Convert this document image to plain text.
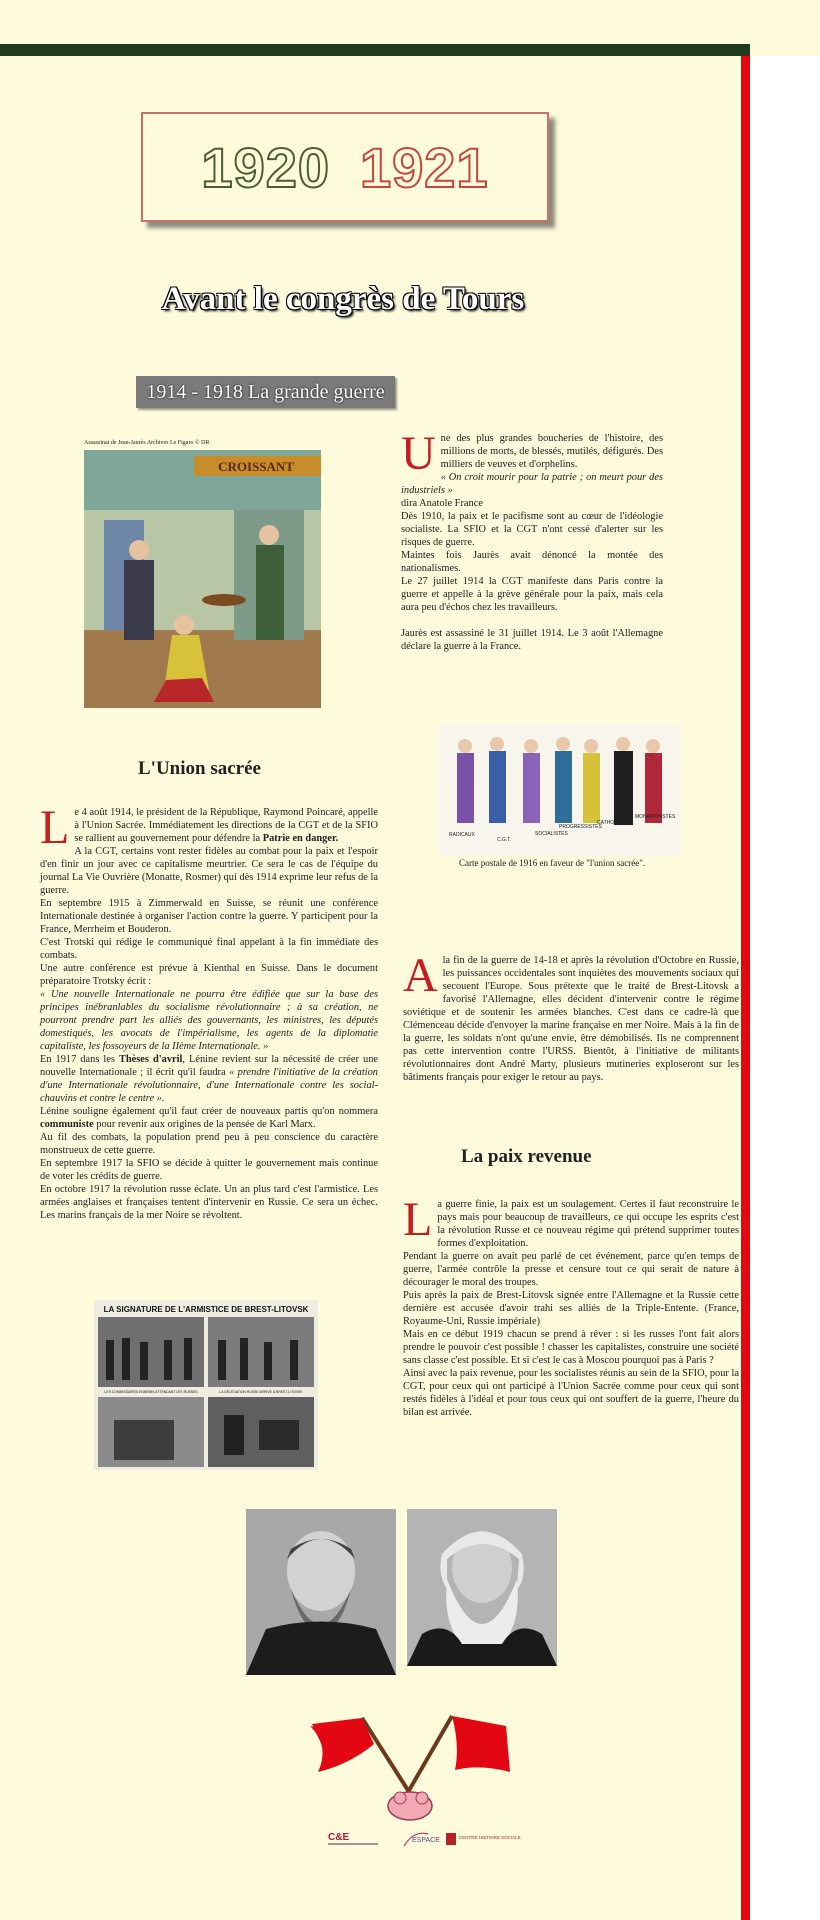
1920 1921
Avant le congrès de Tours
1914 - 1918 La grande guerre
Assassinat de Jean-Jaurès Archives Le Figaro © DR
CROISSANT U ne des plus grandes boucheries de l'histoire, des millions de morts, de blessés, mutilés, défigurés. Des milliers de veuves et d'orphelins.

« On croit mourir pour la patrie ; on meurt pour des industriels »

dira Anatole France

Dès 1910, la paix et le pacifisme sont au cœur de l'idéologie socialiste. La SFIO et la CGT n'ont cessé d'alerter sur les risques de guerre.

Maintes fois Jaurès avait dénoncé la montée des nationalismes.

Le 27 juillet 1914 la CGT manifeste dans Paris contre la guerre et appelle à la grève générale pour la paix, mais cela aura peu d'échos chez les travailleurs.

Jaurès est assassiné le 31 juillet 1914. Le 3 août l'Allemagne déclare la guerre à la France.

L'Union sacrée
L e 4 août 1914, le président de la République, Raymond Poincaré, appelle à l'Union Sacrée. Immédiatement les directions de la CGT et de la SFIO se rallient au gouvernement pour défendre la Patrie en danger.

A la CGT, certains vont rester fidèles au combat pour la paix et l'espoir d'en finir un jour avec ce capitalisme meurtrier. Ce sera le cas de l'équipe du journal La Vie Ouvrière (Monatte, Rosmer) qui dès 1914 exprime leur refus de la guerre.

En septembre 1915 à Zimmerwald en Suisse, se réunit une conférence Internationale destinée à organiser l'action contre la guerre. Y participent pour la France, Merrheim et Bouderon.

C'est Trotski qui rédige le communiqué final appelant à la fin immédiate des combats.

Une autre conférence est prévue à Kienthal en Suisse. Dans le document préparatoire Trotsky écrit :

« Une nouvelle Internationale ne pourra être édifiée que sur la base des principes inébranlables du socialisme révolutionnaire ; à sa création, ne pourront prendre part les alliés des gouvernants, les ministres, les députés domestiqués, les avocats de l'impérialisme, les agents de la diplomatie capitaliste, les fossoyeurs de la IIème Internationale. »

En 1917 dans les Thèses d'avril, Lénine revient sur la nécessité de créer une nouvelle Internationale ; il écrit qu'il faudra « prendre l'initiative de la création d'une Internationale révolutionnaire, d'une Internationale contre les social-chauvins et contre le centre ».

Lénine souligne également qu'il faut créer de nouveaux partis qu'on nommera communiste pour revenir aux origines de la pensée de Karl Marx.

Au fil des combats, la population prend peu à peu conscience du caractère monstrueux de cette guerre.

En septembre 1917 la SFIO se décide à quitter le gouvernement mais continue de voter les crédits de guerre.

En octobre 1917 la révolution russe éclate. Un an plus tard c'est l'armistice. Les armées anglaises et françaises tentent d'intervenir en Russie. Ce sera un échec. Les marins français de la mer Noire se révoltent.

RADICAUX
C.G.T.
SOCIALISTES
PROGRESSISTES
CATHOLIQUES
MONARCHISTES
Carte postale de 1916 en faveur de "l'union sacrée".
A la fin de la guerre de 14-18 et après la révolution d'Octobre en Russie, les puissances occidentales sont inquiètes des mouvements sociaux qui secouent l'Europe. Sous prétexte que le traité de Brest-Litovsk a favorisé l'Allemagne, elles décident d'intervenir contre le régime soviétique et de soutenir les armées blanches. C'est dans ce cadre-là que Clémenceau décide d'envoyer la marine française en mer Noire. Mais à la fin de la guerre, les soldats n'ont qu'une envie, être démobilisés. Ils ne comprennent pas cette intervention contre l'URSS. Bientôt, à l'initiative de militants révolutionnaires dont André Marty, plusieurs mutineries exploseront sur les bâtiments français pour exiger le retour au pays.

La paix revenue
L a guerre finie, la paix est un soulagement. Certes il faut reconstruire le pays mais pour beaucoup de travailleurs, ce qui occupe les esprits c'est la révolution Russe et ce nouveau régime qui prétend supprimer toutes formes d'exploitation.

Pendant la guerre on avait peu parlé de cet événement, parce qu'en temps de guerre, l'armée contrôle la presse et censure tout ce qui serait de nature à décourager le moral des troupes.

Puis après la paix de Brest-Litovsk signée entre l'Allemagne et la Russie cette dernière est accusée d'avoir trahi ses alliés de la Triple-Entente. (France, Royaume-Uni, Russie impériale)

Mais en ce début 1919 chacun se prend à rêver : si les russes l'ont fait alors prendre le pouvoir c'est possible ! chasser les capitalistes, construire une société sans classe c'est possible. Et si c'est le cas à Moscou pourquoi pas à Paris ?

Ainsi avec la paix revenue, pour les socialistes réunis au sein de la SFIO, pour la CGT, pour ceux qui ont participé à l'Union Sacrée comme pour ceux qui sont restés fidèles à l'idéal et pour tous ceux qui ont souffert de la guerre, l'heure du bilan est arrivée.

LA SIGNATURE DE L'ARMISTICE DE BREST-LITOVSK
LES COMMISSAIRES ENNEMIS ATTENDANT LES RUSSES	LA DÉLÉGATION RUSSE ARRIVE À BREST-LITOVSK
C&E	ESPACE	CENTRE HISTOIRE SOCIALE
